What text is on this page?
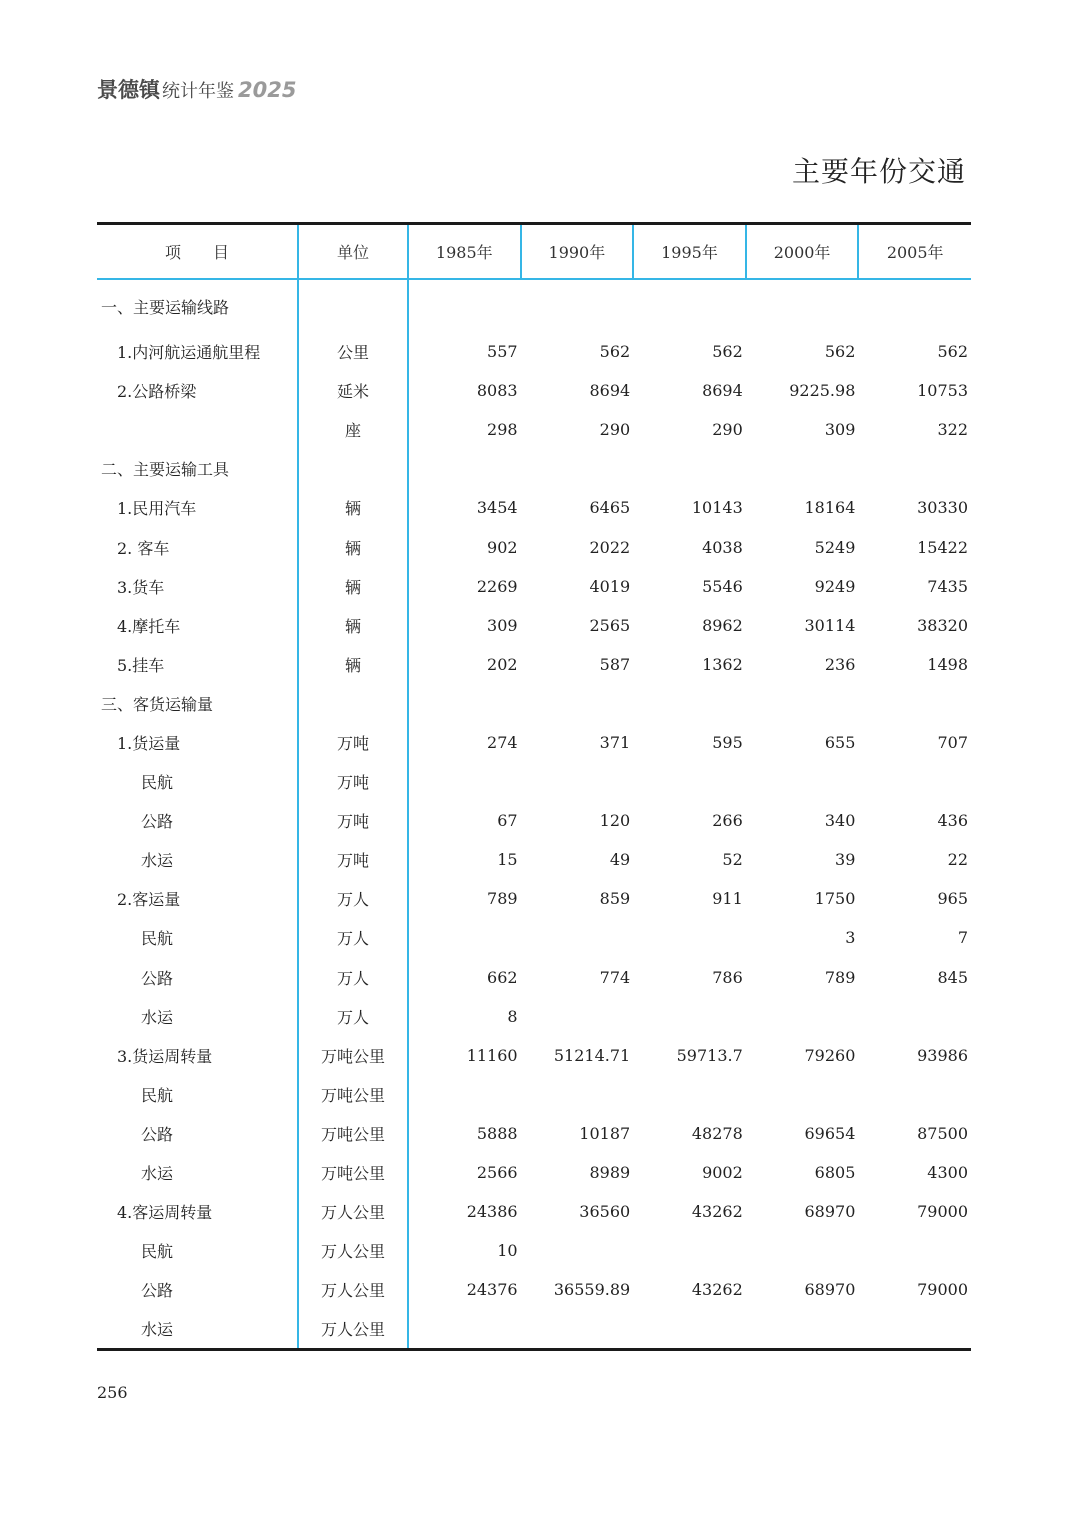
景德镇 统计年鉴 2025
主要年份交通
项　　目	单位	1985年	1990年	1995年	2000年	2005年
一、主要运输线路						
1.内河航运通航里程	公里	557	562	562	562	562
2.公路桥梁	延米	8083	8694	8694	9225.98	10753
	座	298	290	290	309	322
二、主要运输工具						
1.民用汽车	辆	3454	6465	10143	18164	30330
2. 客车	辆	902	2022	4038	5249	15422
3.货车	辆	2269	4019	5546	9249	7435
4.摩托车	辆	309	2565	8962	30114	38320
5.挂车	辆	202	587	1362	236	1498
三、客货运输量						
1.货运量	万吨	274	371	595	655	707
民航	万吨					
公路	万吨	67	120	266	340	436
水运	万吨	15	49	52	39	22
2.客运量	万人	789	859	911	1750	965
民航	万人				3	7
公路	万人	662	774	786	789	845
水运	万人	8				
3.货运周转量	万吨公里	11160	51214.71	59713.7	79260	93986
民航	万吨公里					
公路	万吨公里	5888	10187	48278	69654	87500
水运	万吨公里	2566	8989	9002	6805	4300
4.客运周转量	万人公里	24386	36560	43262	68970	79000
民航	万人公里	10				
公路	万人公里	24376	36559.89	43262	68970	79000
水运	万人公里					
256
